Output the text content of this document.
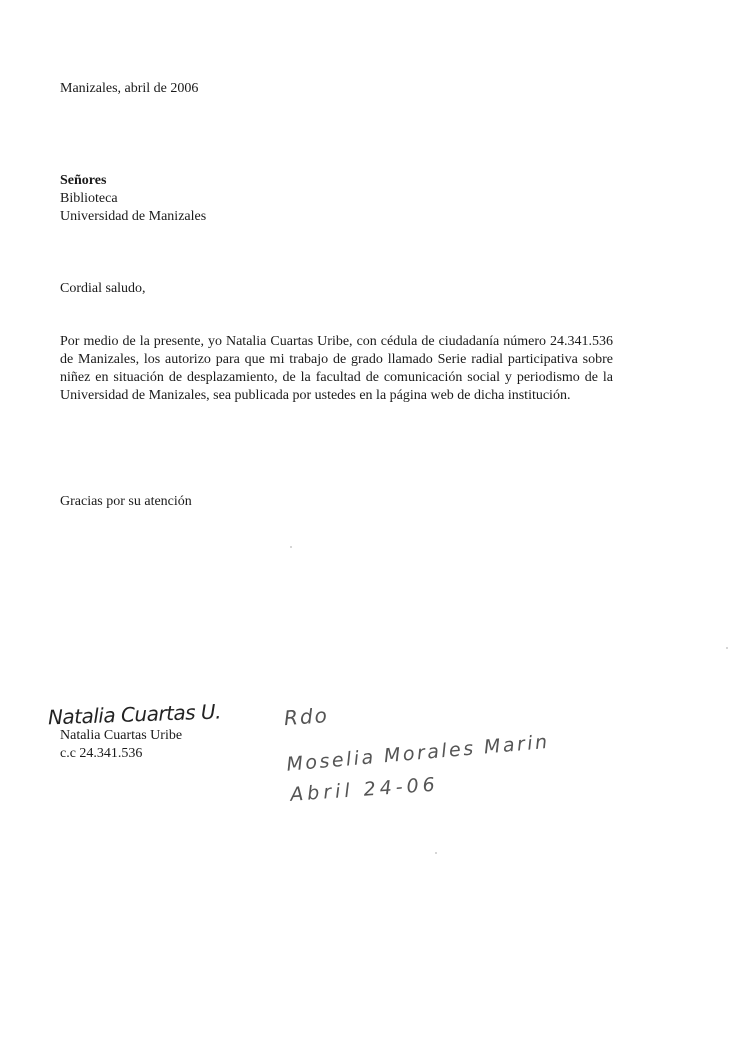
Manizales, abril de 2006
Señores
Biblioteca
Universidad de Manizales
Cordial saludo,
Por medio de la presente, yo Natalia Cuartas Uribe, con cédula de ciudadanía número 24.341.536 de Manizales, los autorizo para que mi trabajo de grado llamado Serie radial participativa sobre niñez en situación de desplazamiento, de la facultad de comunicación social y periodismo de la Universidad de Manizales, sea publicada por ustedes en la página web de dicha institución.
Gracias por su atención
Natalia Cuartas U.
Natalia Cuartas Uribe
c.c 24.341.536
Rdo
Moselia Morales Marin
Abril 24-06
